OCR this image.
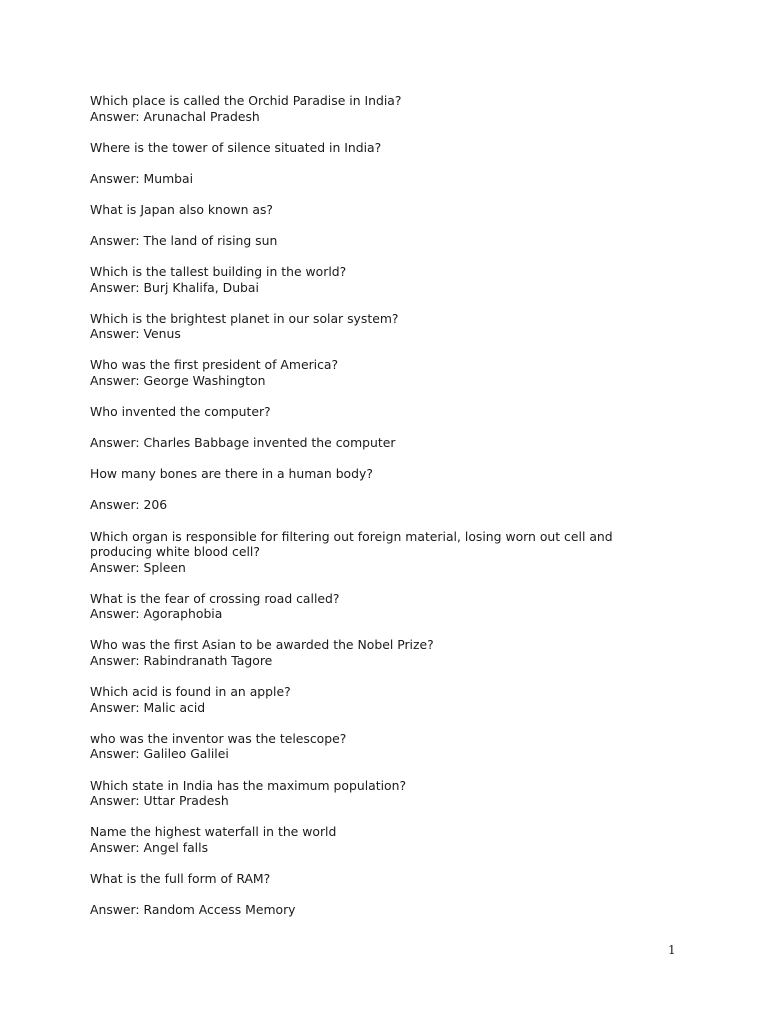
Which place is called the Orchid Paradise in India?
Answer: Arunachal Pradesh
Where is the tower of silence situated in India?
Answer: Mumbai
What is Japan also known as?
Answer: The land of rising sun
Which is the tallest building in the world?
Answer: Burj Khalifa, Dubai
Which is the brightest planet in our solar system?
Answer: Venus
Who was the first president of America?
Answer: George Washington
Who invented the computer?
Answer: Charles Babbage invented the computer
How many bones are there in a human body?
Answer: 206
Which organ is responsible for filtering out foreign material, losing worn out cell and producing white blood cell?
Answer: Spleen
What is the fear of crossing road called?
Answer: Agoraphobia
Who was the first Asian to be awarded the Nobel Prize?
Answer: Rabindranath Tagore
Which acid is found in an apple?
Answer: Malic acid
who was the inventor was the telescope?
Answer: Galileo Galilei
Which state in India has the maximum population?
Answer: Uttar Pradesh
Name the highest waterfall in the world
Answer: Angel falls
What is the full form of RAM?
Answer: Random Access Memory
1
